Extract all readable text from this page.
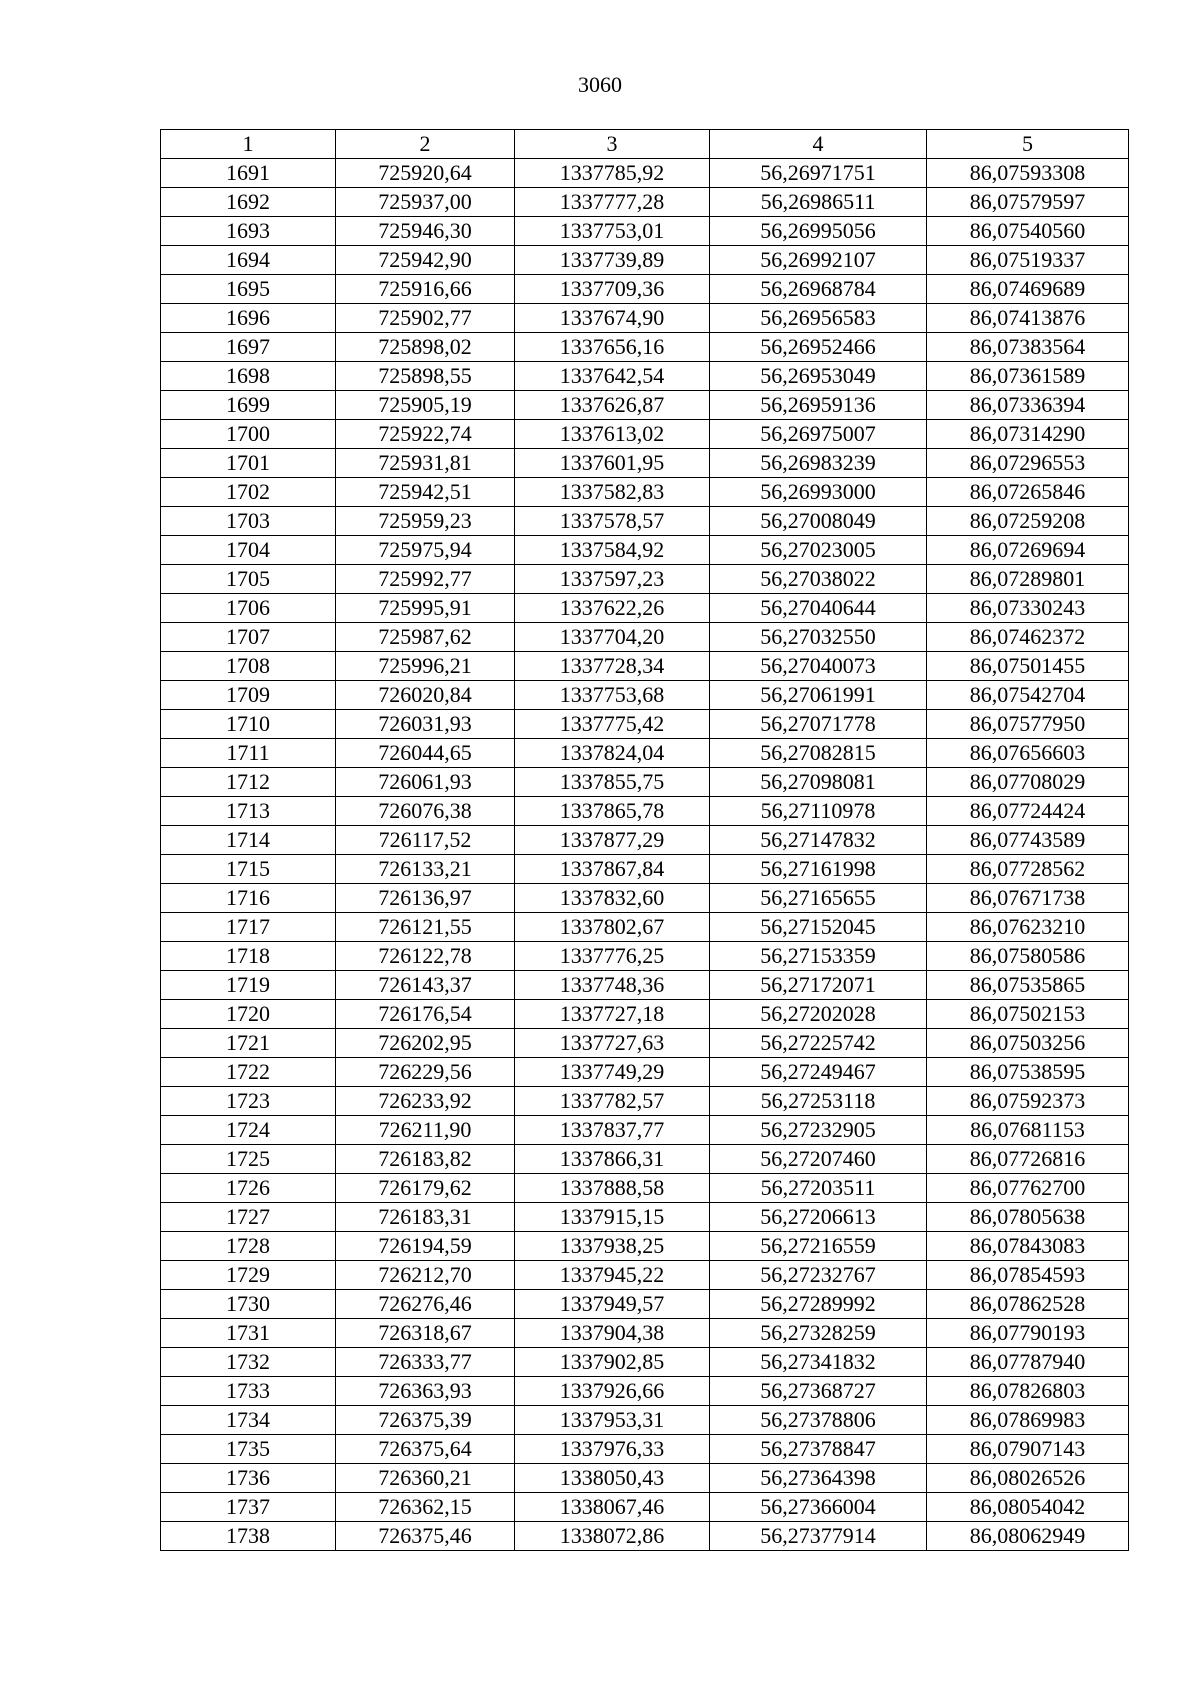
3060
1	2	3	4	5
1691	725920,64	1337785,92	56,26971751	86,07593308
1692	725937,00	1337777,28	56,26986511	86,07579597
1693	725946,30	1337753,01	56,26995056	86,07540560
1694	725942,90	1337739,89	56,26992107	86,07519337
1695	725916,66	1337709,36	56,26968784	86,07469689
1696	725902,77	1337674,90	56,26956583	86,07413876
1697	725898,02	1337656,16	56,26952466	86,07383564
1698	725898,55	1337642,54	56,26953049	86,07361589
1699	725905,19	1337626,87	56,26959136	86,07336394
1700	725922,74	1337613,02	56,26975007	86,07314290
1701	725931,81	1337601,95	56,26983239	86,07296553
1702	725942,51	1337582,83	56,26993000	86,07265846
1703	725959,23	1337578,57	56,27008049	86,07259208
1704	725975,94	1337584,92	56,27023005	86,07269694
1705	725992,77	1337597,23	56,27038022	86,07289801
1706	725995,91	1337622,26	56,27040644	86,07330243
1707	725987,62	1337704,20	56,27032550	86,07462372
1708	725996,21	1337728,34	56,27040073	86,07501455
1709	726020,84	1337753,68	56,27061991	86,07542704
1710	726031,93	1337775,42	56,27071778	86,07577950
1711	726044,65	1337824,04	56,27082815	86,07656603
1712	726061,93	1337855,75	56,27098081	86,07708029
1713	726076,38	1337865,78	56,27110978	86,07724424
1714	726117,52	1337877,29	56,27147832	86,07743589
1715	726133,21	1337867,84	56,27161998	86,07728562
1716	726136,97	1337832,60	56,27165655	86,07671738
1717	726121,55	1337802,67	56,27152045	86,07623210
1718	726122,78	1337776,25	56,27153359	86,07580586
1719	726143,37	1337748,36	56,27172071	86,07535865
1720	726176,54	1337727,18	56,27202028	86,07502153
1721	726202,95	1337727,63	56,27225742	86,07503256
1722	726229,56	1337749,29	56,27249467	86,07538595
1723	726233,92	1337782,57	56,27253118	86,07592373
1724	726211,90	1337837,77	56,27232905	86,07681153
1725	726183,82	1337866,31	56,27207460	86,07726816
1726	726179,62	1337888,58	56,27203511	86,07762700
1727	726183,31	1337915,15	56,27206613	86,07805638
1728	726194,59	1337938,25	56,27216559	86,07843083
1729	726212,70	1337945,22	56,27232767	86,07854593
1730	726276,46	1337949,57	56,27289992	86,07862528
1731	726318,67	1337904,38	56,27328259	86,07790193
1732	726333,77	1337902,85	56,27341832	86,07787940
1733	726363,93	1337926,66	56,27368727	86,07826803
1734	726375,39	1337953,31	56,27378806	86,07869983
1735	726375,64	1337976,33	56,27378847	86,07907143
1736	726360,21	1338050,43	56,27364398	86,08026526
1737	726362,15	1338067,46	56,27366004	86,08054042
1738	726375,46	1338072,86	56,27377914	86,08062949
